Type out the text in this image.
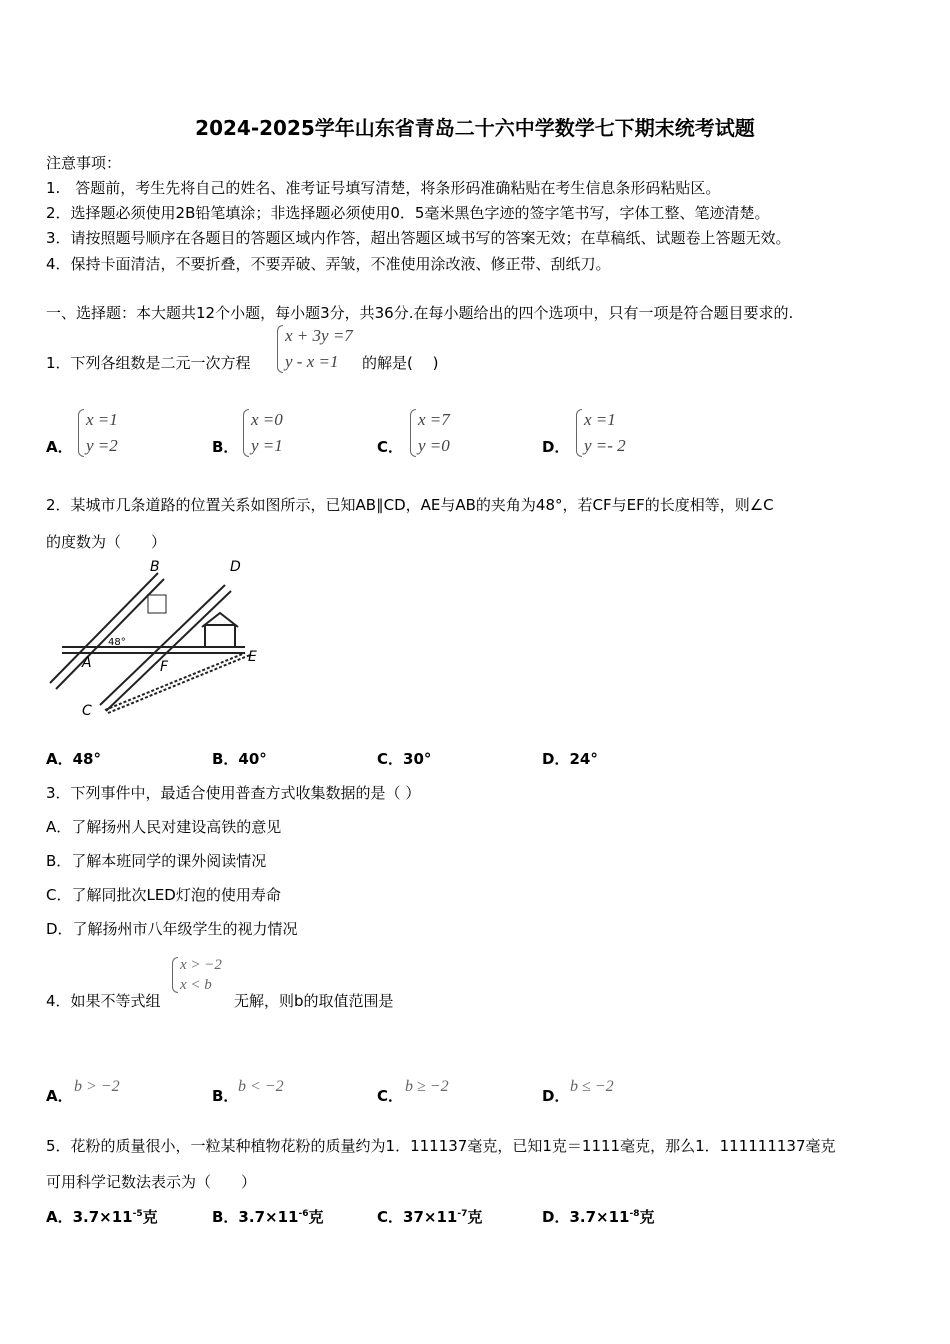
2024-2025学年山东省青岛二十六中学数学七下期末统考试题
注意事项：
1.　答题前，考生先将自己的姓名、准考证号填写清楚，将条形码准确粘贴在考生信息条形码粘贴区。
2．选择题必须使用2B铅笔填涂；非选择题必须使用0．5毫米黑色字迹的签字笔书写，字体工整、笔迹清楚。
3．请按照题号顺序在各题目的答题区域内作答，超出答题区域书写的答案无效；在草稿纸、试题卷上答题无效。
4．保持卡面清洁，不要折叠，不要弄破、弄皱，不准使用涂改液、修正带、刮纸刀。
一、选择题：本大题共12个小题，每小题3分，共36分.在每小题给出的四个选项中，只有一项是符合题目要求的.
1．下列各组数是二元一次方程
x + 3y =7
y - x =1	的解是(　 )
A．
x =1
y =2	B．
x =0
y =1	C．
x =7
y =0	D．
x =1
y =- 2
2．某城市几条道路的位置关系如图所示，已知AB∥CD，AE与AB的夹角为48°，若CF与EF的长度相等，则∠C
的度数为（　　）
B	D
A	F
E
C
48°
A．48°	B．40°	C．30°	D．24°
3．下列事件中，最适合使用普查方式收集数据的是（ ）
A．了解扬州人民对建设高铁的意见
B．了解本班同学的课外阅读情况
C．了解同批次LED灯泡的使用寿命
D．了解扬州市八年级学生的视力情况
4．如果不等式组
x > −2
x < b
无解，则b的取值范围是
A．
b > −2
B．
b < −2
C．
b ≥ −2
D．
b ≤ −2
5．花粉的质量很小，一粒某种植物花粉的质量约为1．111137毫克，已知1克＝1111毫克，那么1．111111137毫克
可用科学记数法表示为（　　）
A．$3.7\times 11^{-5}$克	B．$3.7\times 11^{-6}$克	C．$37\times 11^{-7}$克	D．$3.7\times 11^{-8}$克
